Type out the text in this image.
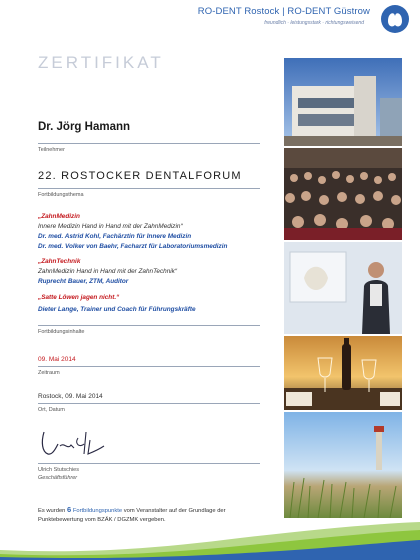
RO-DENT Rostock | RO-DENT Güstrow
freundlich · leistungsstark · richtungsweisend
ZERTIFIKAT
Dr. Jörg Hamann
Teilnehmer
22. ROSTOCKER DENTALFORUM
Fortbildungsthema
„ZahnMedizin
Innere Medizin Hand in Hand mit der ZahnMedizin“
Dr. med. Astrid Kohl, Fachärztin für Innere Medizin
Dr. med. Volker von Baehr, Facharzt für Laboratoriumsmedizin
„ZahnTechnik
ZahnMedizin Hand in Hand mit der ZahnTechnik“
Ruprecht Bauer, ZTM, Auditor
„Satte Löwen jagen nicht.“
Dieter Lange, Trainer und Coach für Führungskräfte
Fortbildungsinhalte
09. Mai 2014
Zeitraum
Rostock, 09. Mai 2014
Ort, Datum
Ulrich Stutschies
Geschäftsführer
Es wurden 6 Fortbildungspunkte vom Veranstalter auf der Grundlage der Punktebewertung vom BZÄK / DGZMK vergeben.
